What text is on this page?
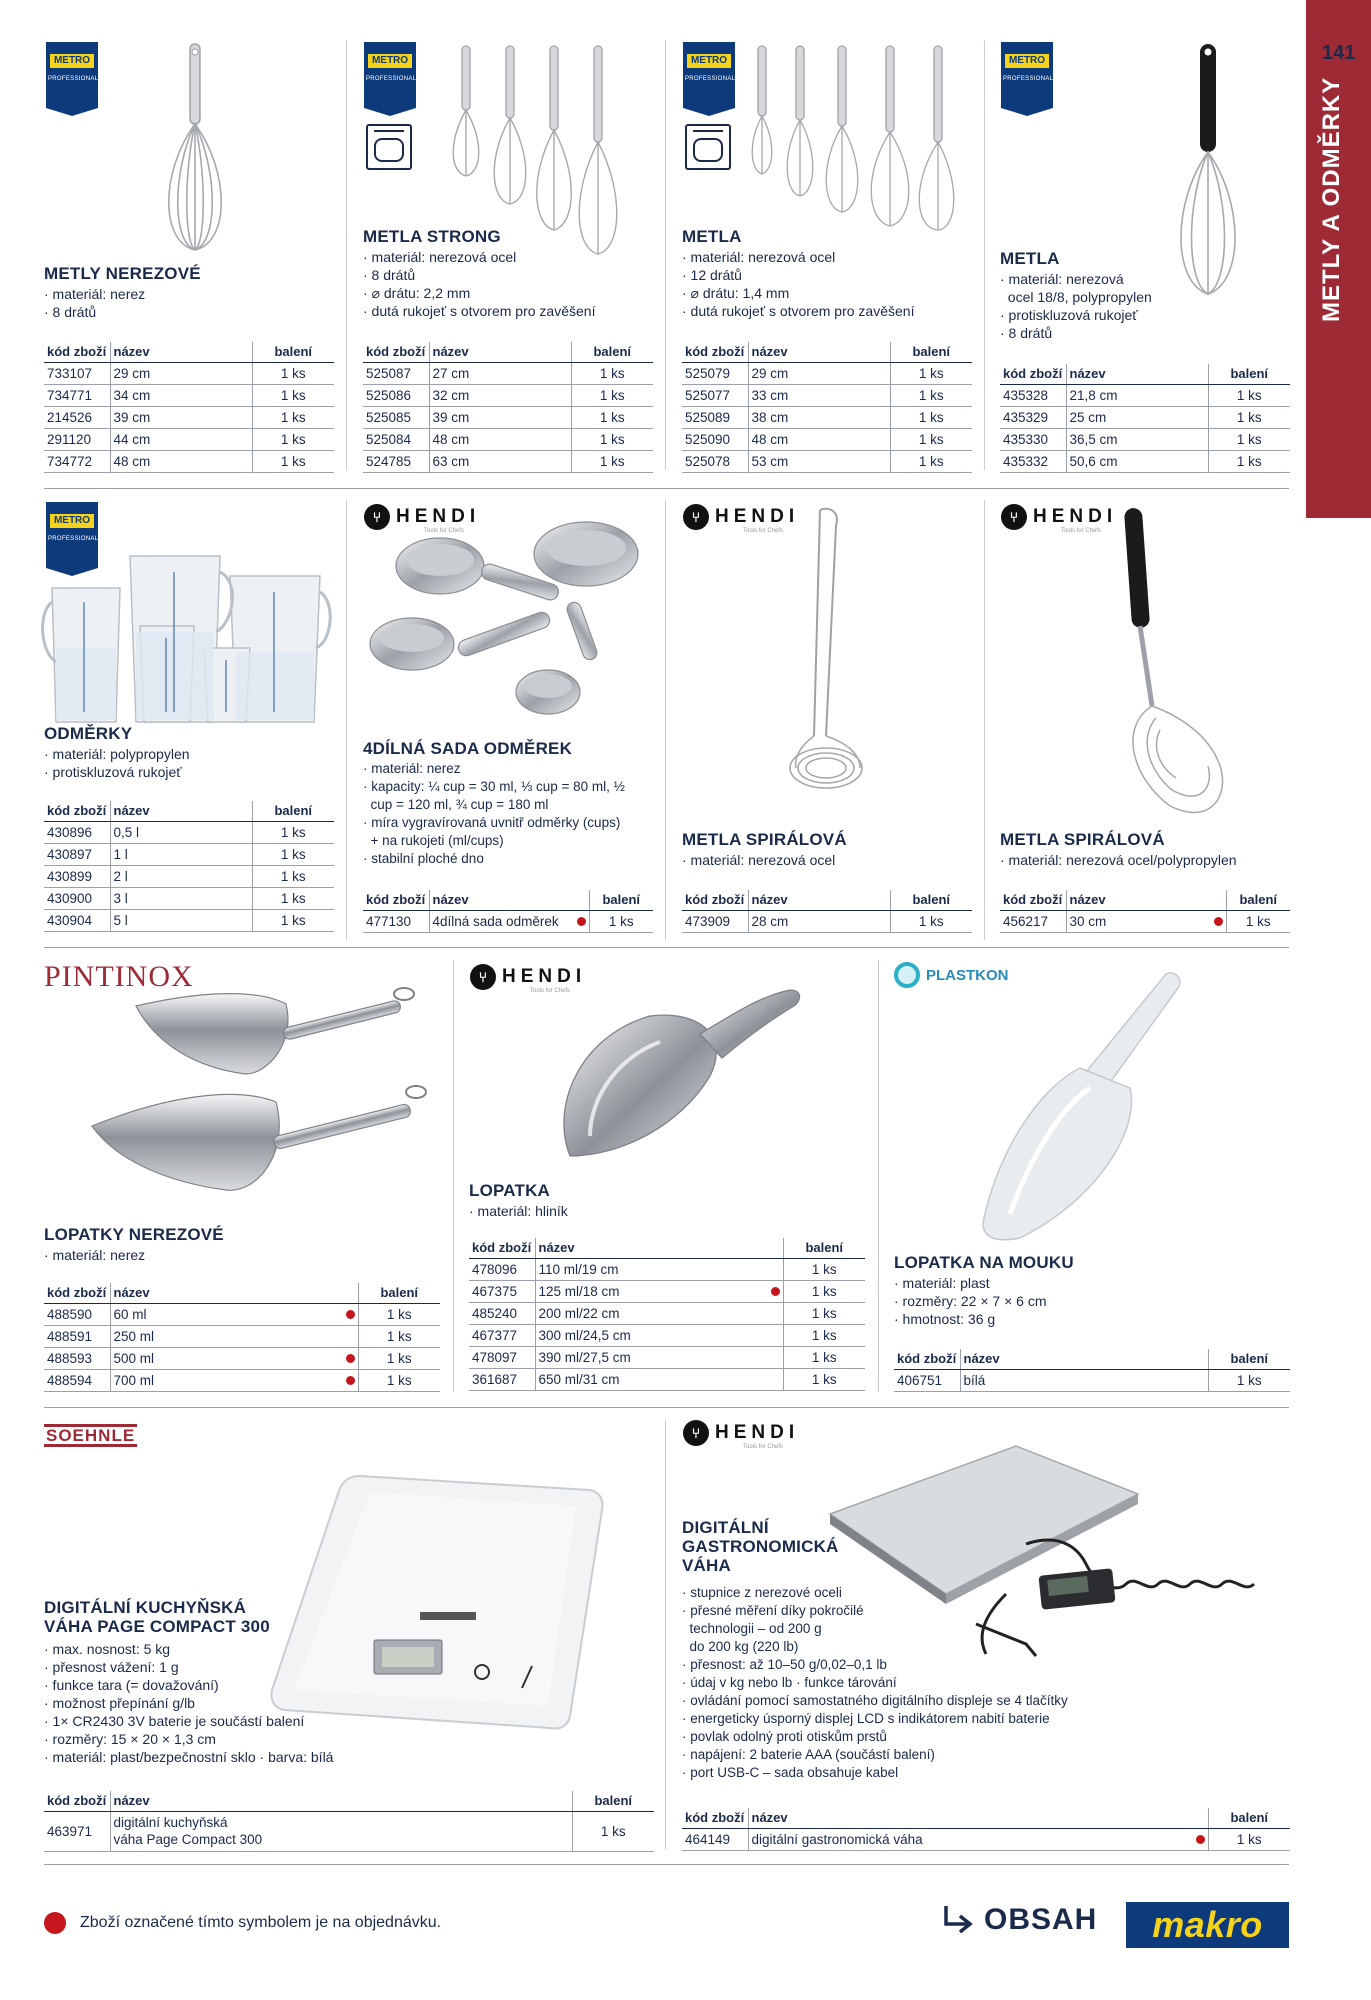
METLY A ODMĚRKY
141
METRO
PROFESSIONAL
METLY NEREZOVÉ
· materiál: nerez
· 8 drátů
kód zboží	název	balení
733107	29 cm	1 ks
734771	34 cm	1 ks
214526	39 cm	1 ks
291120	44 cm	1 ks
734772	48 cm	1 ks
METRO
PROFESSIONAL
METLA STRONG
· materiál: nerezová ocel
· 8 drátů
· ⌀ drátu: 2,2 mm
· dutá rukojeť s otvorem pro zavěšení
kód zboží	název	balení
525087	27 cm	1 ks
525086	32 cm	1 ks
525085	39 cm	1 ks
525084	48 cm	1 ks
524785	63 cm	1 ks
METRO
PROFESSIONAL
METLA
· materiál: nerezová ocel
· 12 drátů
· ⌀ drátu: 1,4 mm
· dutá rukojeť s otvorem pro zavěšení
kód zboží	název	balení
525079	29 cm	1 ks
525077	33 cm	1 ks
525089	38 cm	1 ks
525090	48 cm	1 ks
525078	53 cm	1 ks
METRO
PROFESSIONAL
METLA
· materiál: nerezová
ocel 18/8, polypropylen
· protiskluzová rukojeť
· 8 drátů
kód zboží	název	balení
435328	21,8 cm	1 ks
435329	25 cm	1 ks
435330	36,5 cm	1 ks
435332	50,6 cm	1 ks
METRO
PROFESSIONAL
ODMĚRKY
· materiál: polypropylen
· protiskluzová rukojeť
kód zboží	název	balení
430896	0,5 l	1 ks
430897	1 l	1 ks
430899	2 l	1 ks
430900	3 l	1 ks
430904	5 l	1 ks
⑂ HENDI
Tools for Chefs
4DÍLNÁ SADA ODMĚREK
· materiál: nerez
· kapacity: ¼ cup = 30 ml, ⅓ cup = 80 ml, ½
cup = 120 ml, ¾ cup = 180 ml
· míra vygravírovaná uvnitř odměrky (cups)
+ na rukojeti (ml/cups)
· stabilní ploché dno
kód zboží	název		balení
477130	4dílná sada odměrek		1 ks
⑂ HENDI
Tools for Chefs
METLA SPIRÁLOVÁ
· materiál: nerezová ocel
kód zboží	název	balení
473909	28 cm	1 ks
⑂ HENDI
Tools for Chefs
METLA SPIRÁLOVÁ
· materiál: nerezová ocel/polypropylen
kód zboží	název		balení
456217	30 cm		1 ks
PINTINOX
LOPATKY NEREZOVÉ
· materiál: nerez
kód zboží	název		balení
488590	60 ml		1 ks
488591	250 ml		1 ks
488593	500 ml		1 ks
488594	700 ml		1 ks
⑂ HENDI
Tools for Chefs
LOPATKA
· materiál: hliník
kód zboží	název		balení
478096	110 ml/19 cm		1 ks
467375	125 ml/18 cm		1 ks
485240	200 ml/22 cm		1 ks
467377	300 ml/24,5 cm		1 ks
478097	390 ml/27,5 cm		1 ks
361687	650 ml/31 cm		1 ks
PLASTKON
LOPATKA NA MOUKU
· materiál: plast
· rozměry: 22 × 7 × 6 cm
· hmotnost: 36 g
kód zboží	název	balení
406751	bílá	1 ks
SOEHNLE
DIGITÁLNÍ KUCHYŇSKÁ
VÁHA PAGE COMPACT 300
· max. nosnost: 5 kg
· přesnost vážení: 1 g
· funkce tara (= dovažování)
· možnost přepínání g/lb
· 1× CR2430 3V baterie je součástí balení
· rozměry: 15 × 20 × 1,3 cm
· materiál: plast/bezpečnostní sklo · barva: bílá
kód zboží	název	balení
463971	digitální kuchyňská
váha Page Compact 300	1 ks
⑂ HENDI
Tools for Chefs
DIGITÁLNÍ
GASTRONOMICKÁ
VÁHA
· stupnice z nerezové oceli
· přesné měření díky pokročilé
technologii – od 200 g
do 200 kg (220 lb)
· přesnost: až 10–50 g/0,02–0,1 lb
· údaj v kg nebo lb · funkce tárování
· ovládání pomocí samostatného digitálního displeje se 4 tlačítky
· energeticky úsporný displej LCD s indikátorem nabití baterie
· povlak odolný proti otiskům prstů
· napájení: 2 baterie AAA (součástí balení)
· port USB-C – sada obsahuje kabel
kód zboží	název		balení
464149	digitální gastronomická váha		1 ks
Zboží označené tímto symbolem je na objednávku.	OBSAH	makro
